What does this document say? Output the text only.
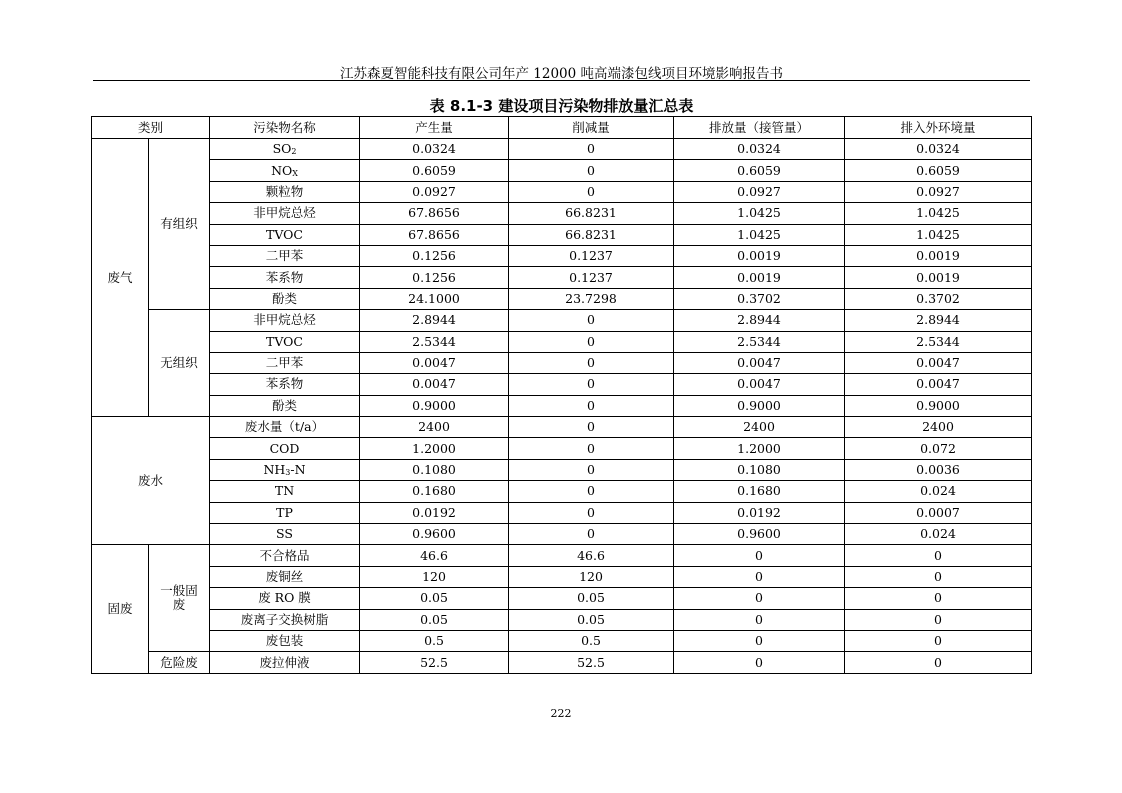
江苏森夏智能科技有限公司年产 12000 吨高端漆包线项目环境影响报告书
表 8.1-3 建设项目污染物排放量汇总表
类别		污染物名称	产生量	削减量	排放量（接管量）	排入外环境量
废气	有组织	$SO_2$	0.0324	0	0.0324	0.0324
		$NO_X$	0.6059	0	0.6059	0.6059
		颗粒物	0.0927	0	0.0927	0.0927
		非甲烷总烃	67.8656	66.8231	1.0425	1.0425
		TVOC	67.8656	66.8231	1.0425	1.0425
		二甲苯	0.1256	0.1237	0.0019	0.0019
		苯系物	0.1256	0.1237	0.0019	0.0019
		酚类	24.1000	23.7298	0.3702	0.3702
	无组织	非甲烷总烃	2.8944	0	2.8944	2.8944
		TVOC	2.5344	0	2.5344	2.5344
		二甲苯	0.0047	0	0.0047	0.0047
		苯系物	0.0047	0	0.0047	0.0047
		酚类	0.9000	0	0.9000	0.9000
废水		废水量（t/a）	2400	0	2400	2400
		COD	1.2000	0	1.2000	0.072
		$NH_3-N$	0.1080	0	0.1080	0.0036
		TN	0.1680	0	0.1680	0.024
		TP	0.0192	0	0.0192	0.0007
		SS	0.9600	0	0.9600	0.024
固废	一般固废	不合格品	46.6	46.6	0	0
		废铜丝	120	120	0	0
		废 RO 膜	0.05	0.05	0	0
		废离子交换树脂	0.05	0.05	0	0
		废包装	0.5	0.5	0	0
	危险废	废拉伸液	52.5	52.5	0	0
222
